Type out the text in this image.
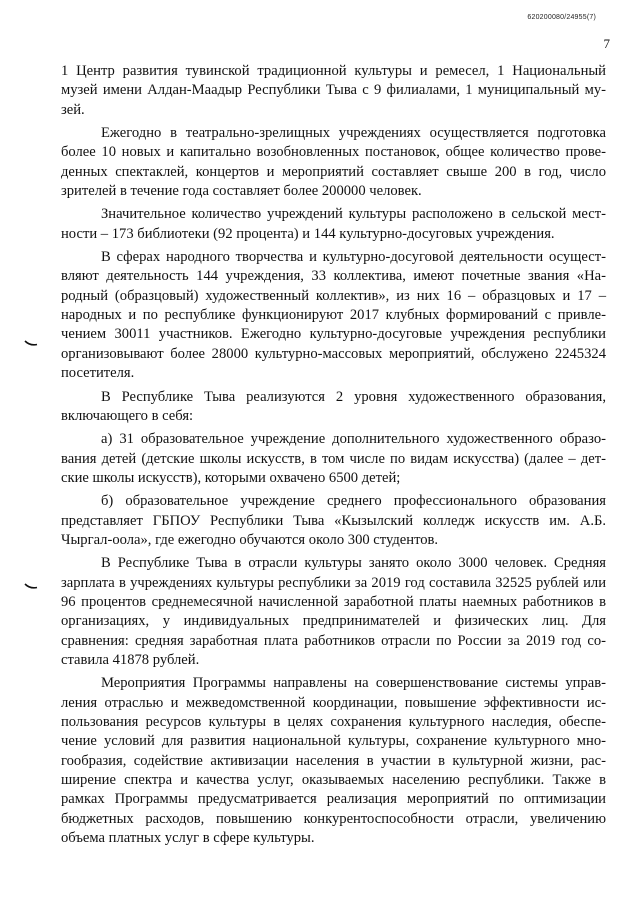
620200080/24955(7)
7

1 Центр развития тувинской традиционной культуры и ремесел, 1 Национальный музей имени Алдан-Маадыр Республики Тыва с 9 филиалами, 1 муниципальный музей.

Ежегодно в театрально-зрелищных учреждениях осуществляется подготовка более 10 новых и капитально возобновленных постановок, общее количество проведенных спектаклей, концертов и мероприятий составляет свыше 200 в год, число зрителей в течение года составляет более 200000 человек.

Значительное количество учреждений культуры расположено в сельской местности – 173 библиотеки (92 процента) и 144 культурно-досуговых учреждения.

В сферах народного творчества и культурно-досуговой деятельности осуществляют деятельность 144 учреждения, 33 коллектива, имеют почетные звания «Народный (образцовый) художественный коллектив», из них 16 – образцовых и 17 – народных и по республике функционируют 2017 клубных формирований с привлечением 30011 участников. Ежегодно культурно-досуговые учреждения республики организовывают более 28000 культурно-массовых мероприятий, обслужено 2245324 посетителя.

В Республике Тыва реализуются 2 уровня художественного образования, включающего в себя:

а) 31 образовательное учреждение дополнительного художественного образования детей (детские школы искусств, в том числе по видам искусства) (далее – детские школы искусств), которыми охвачено 6500 детей;

б) образовательное учреждение среднего профессионального образования представляет ГБПОУ Республики Тыва «Кызылский колледж искусств им. А.Б. Чыргал-оола», где ежегодно обучаются около 300 студентов.

В Республике Тыва в отрасли культуры занято около 3000 человек. Средняя зарплата в учреждениях культуры республики за 2019 год составила 32525 рублей или 96 процентов среднемесячной начисленной заработной платы наемных работников в организациях, у индивидуальных предпринимателей и физических лиц. Для сравнения: средняя заработная плата работников отрасли по России за 2019 год составила 41878 рублей.

Мероприятия Программы направлены на совершенствование системы управления отраслью и межведомственной координации, повышение эффективности использования ресурсов культуры в целях сохранения культурного наследия, обеспечение условий для развития национальной культуры, сохранение культурного многообразия, содействие активизации населения в участии в культурной жизни, расширение спектра и качества услуг, оказываемых населению республики. Также в рамках Программы предусматривается реализация мероприятий по оптимизации бюджетных расходов, повышению конкурентоспособности отрасли, увеличению объема платных услуг в сфере культуры.
